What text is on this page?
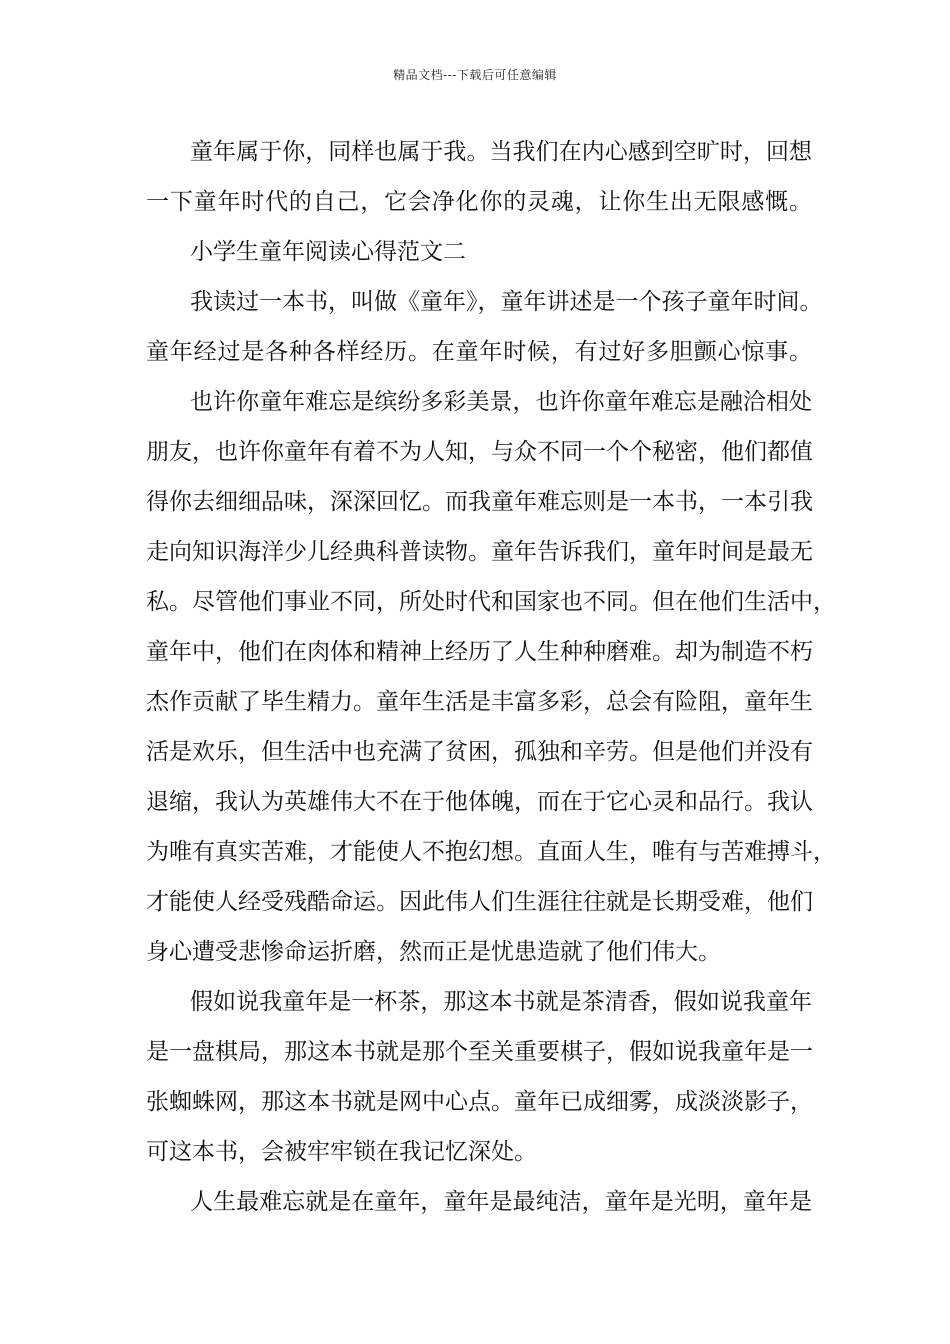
精品文档---下载后可任意编辑
童年属于你，同样也属于我。当我们在内心感到空旷时，回想
一下童年时代的自己，它会净化你的灵魂，让你生出无限感慨。
小学生童年阅读心得范文二
我读过一本书，叫做《童年》，童年讲述是一个孩子童年时间。
童年经过是各种各样经历。在童年时候，有过好多胆颤心惊事。
也许你童年难忘是缤纷多彩美景，也许你童年难忘是融洽相处
朋友，也许你童年有着不为人知，与众不同一个个秘密，他们都值
得你去细细品味，深深回忆。而我童年难忘则是一本书，一本引我
走向知识海洋少儿经典科普读物。童年告诉我们，童年时间是最无
私。尽管他们事业不同，所处时代和国家也不同。但在他们生活中，
童年中，他们在肉体和精神上经历了人生种种磨难。却为制造不朽
杰作贡献了毕生精力。童年生活是丰富多彩，总会有险阻，童年生
活是欢乐，但生活中也充满了贫困，孤独和辛劳。但是他们并没有
退缩，我认为英雄伟大不在于他体魄，而在于它心灵和品行。我认
为唯有真实苦难，才能使人不抱幻想。直面人生，唯有与苦难搏斗，
才能使人经受残酷命运。因此伟人们生涯往往就是长期受难，他们
身心遭受悲惨命运折磨，然而正是忧患造就了他们伟大。
假如说我童年是一杯茶，那这本书就是茶清香，假如说我童年
是一盘棋局，那这本书就是那个至关重要棋子，假如说我童年是一
张蜘蛛网，那这本书就是网中心点。童年已成细雾，成淡淡影子，
可这本书，会被牢牢锁在我记忆深处。
人生最难忘就是在童年，童年是最纯洁，童年是光明，童年是
